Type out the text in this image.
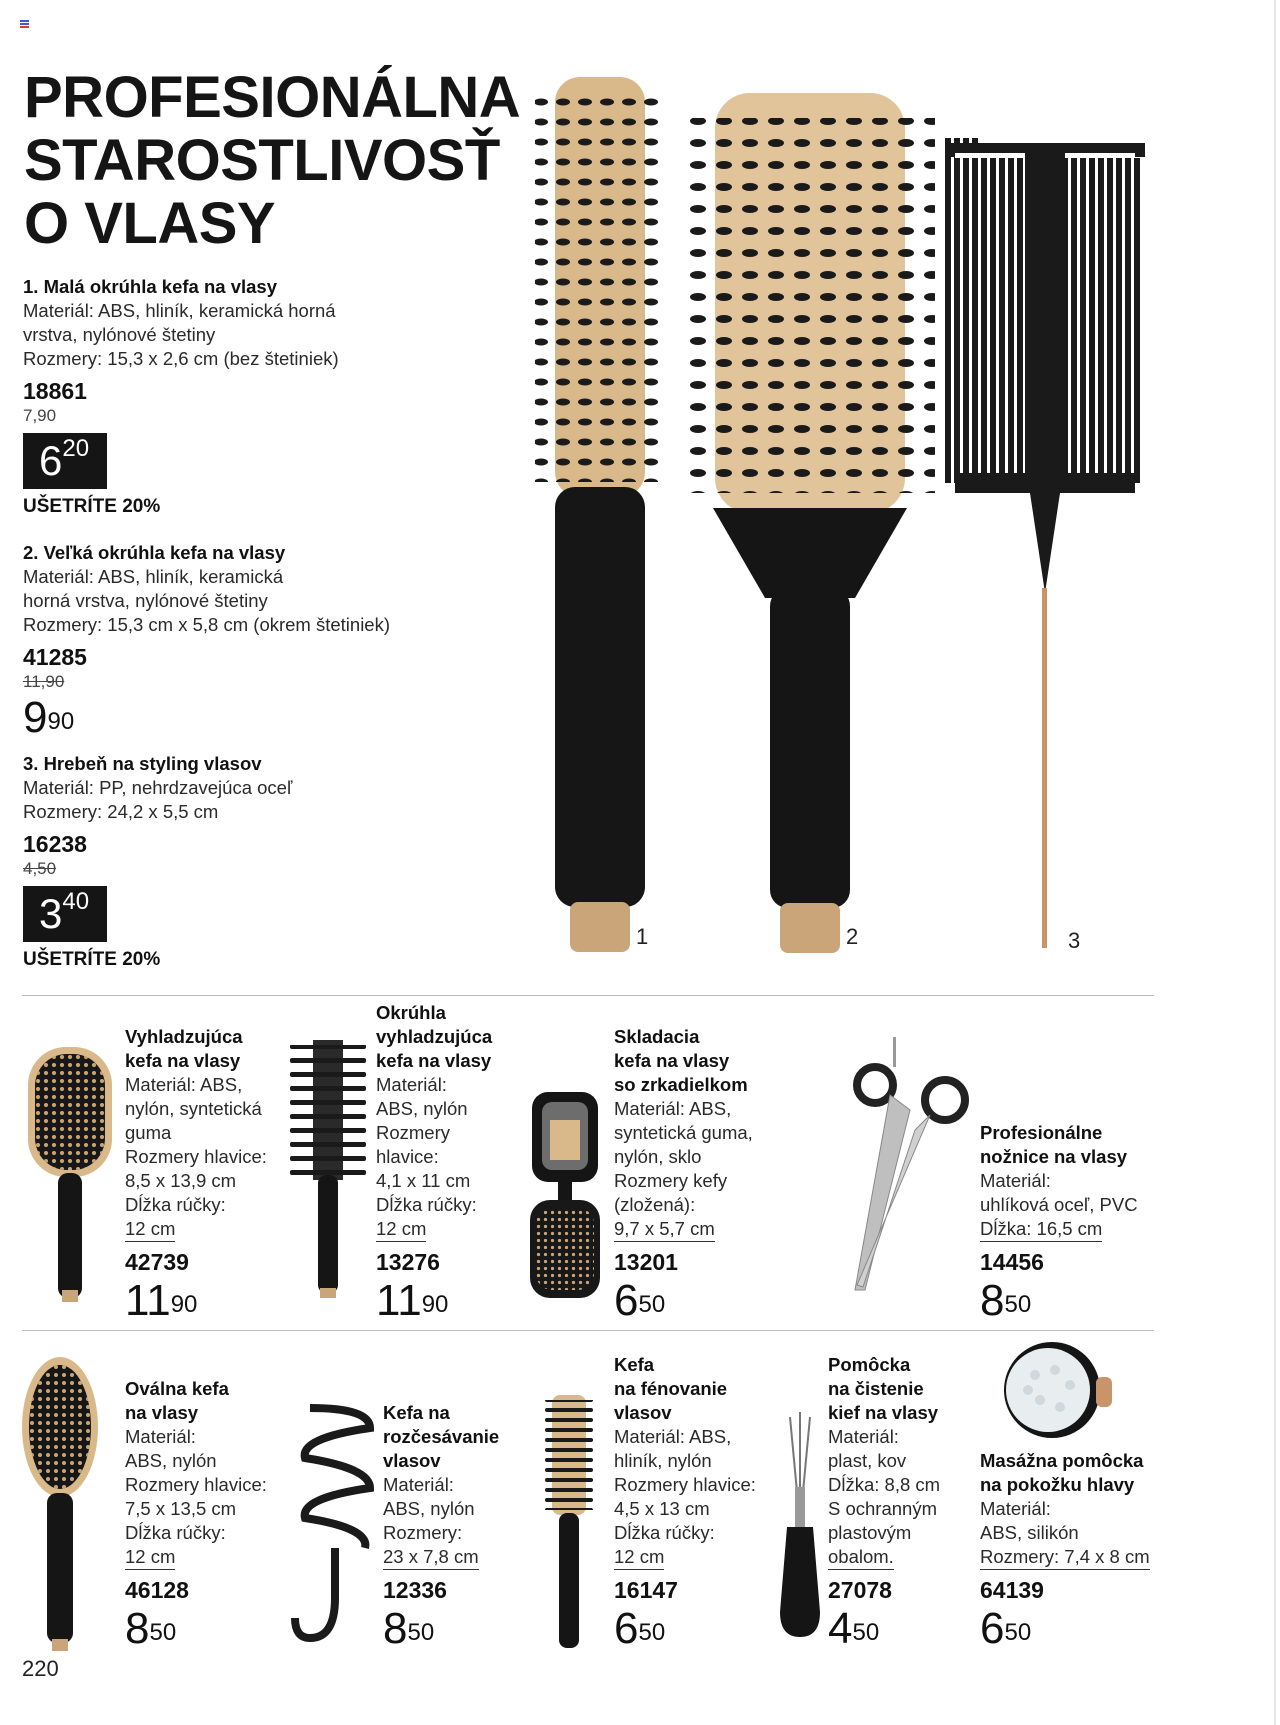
PROFESIONÁLNA
STAROSTLIVOSŤ
O VLASY
1. Malá okrúhla kefa na vlasy
Materiál: ABS, hliník, keramická horná
vrstva, nylónové štetiny
Rozmery: 15,3 x 2,6 cm (bez štetiniek)
18861
7,90
$6^{20}$
UŠETRÍTE 20%
2. Veľká okrúhla kefa na vlasy
Materiál: ABS, hliník, keramická
horná vrstva, nylónové štetiny
Rozmery: 15,3 cm x 5,8 cm (okrem štetiniek)
41285
11,90
$9^{90}$
3. Hrebeň na styling vlasov
Materiál: PP, nehrdzavejúca oceľ
Rozmery: 24,2 x 5,5 cm
16238
4,50
$3^{40}$
UŠETRÍTE 20%
1	2	3
Vyhladzujúca
kefa na vlasy
Materiál: ABS,
nylón, syntetická
guma
Rozmery hlavice:
8,5 x 13,9 cm
Dĺžka rúčky:
12 cm
42739
$11^{90}$
Okrúhla
vyhladzujúca
kefa na vlasy
Materiál:
ABS, nylón
Rozmery
hlavice:
4,1 x 11 cm
Dĺžka rúčky:
12 cm
13276
$11^{90}$
Skladacia
kefa na vlasy
so zrkadielkom
Materiál: ABS,
syntetická guma,
nylón, sklo
Rozmery kefy
(zložená):
9,7 x 5,7 cm
13201
$6^{50}$
Profesionálne
nožnice na vlasy
Materiál:
uhlíková oceľ, PVC
Dĺžka: 16,5 cm
14456
$8^{50}$
Oválna kefa
na vlasy
Materiál:
ABS, nylón
Rozmery hlavice:
7,5 x 13,5 cm
Dĺžka rúčky:
12 cm
46128
$8^{50}$
Kefa na
rozčesávanie
vlasov
Materiál:
ABS, nylón
Rozmery:
23 x 7,8 cm
12336
$8^{50}$
Kefa
na fénovanie
vlasov
Materiál: ABS,
hliník, nylón
Rozmery hlavice:
4,5 x 13 cm
Dĺžka rúčky:
12 cm
16147
$6^{50}$
Pomôcka
na čistenie
kief na vlasy
Materiál:
plast, kov
Dĺžka: 8,8 cm
S ochranným
plastovým
obalom.
27078
$4^{50}$
Masážna pomôcka
na pokožku hlavy
Materiál:
ABS, silikón
Rozmery: 7,4 x 8 cm
64139
$6^{50}$
220
